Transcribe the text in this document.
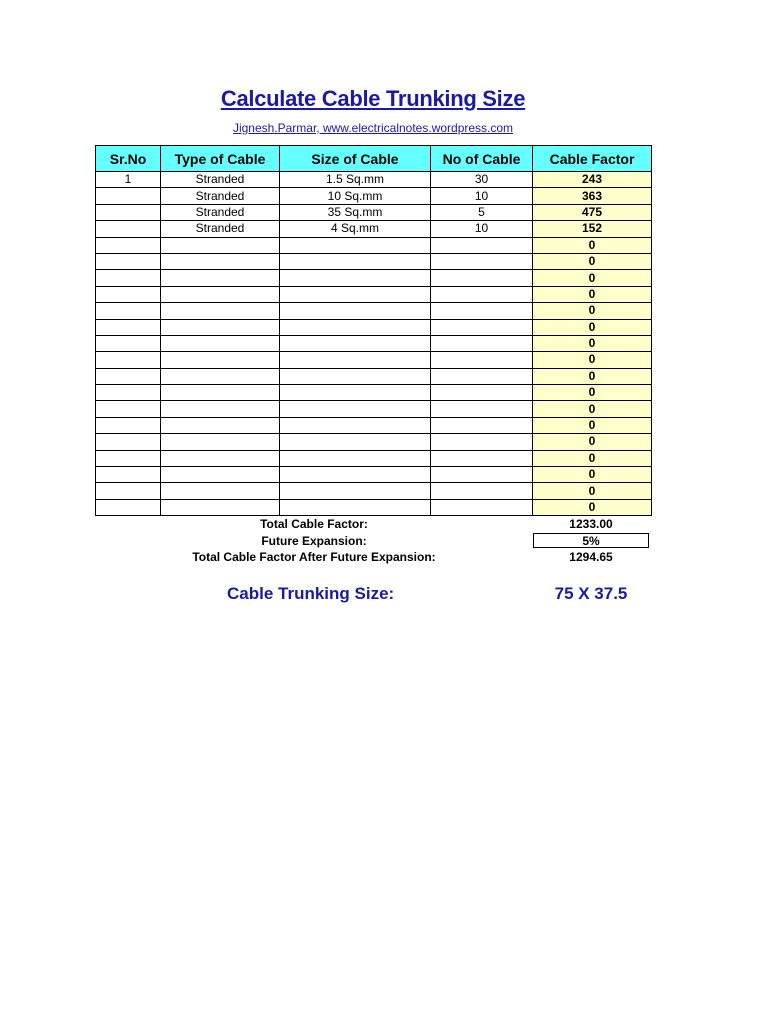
Calculate Cable Trunking Size
Jignesh.Parmar, www.electricalnotes.wordpress.com
Sr.No	Type of Cable	Size of Cable	No of Cable	Cable Factor
1	Stranded	1.5 Sq.mm	30	243
	Stranded	10 Sq.mm	10	363
	Stranded	35 Sq.mm	5	475
	Stranded	4 Sq.mm	10	152
				0
				0
				0
				0
				0
				0
				0
				0
				0
				0
				0
				0
				0
				0
				0
				0
				0
Total Cable Factor:	1233.00
Future Expansion:	5%
Total Cable Factor After Future Expansion:	1294.65
Cable Trunking Size:	75 X 37.5
